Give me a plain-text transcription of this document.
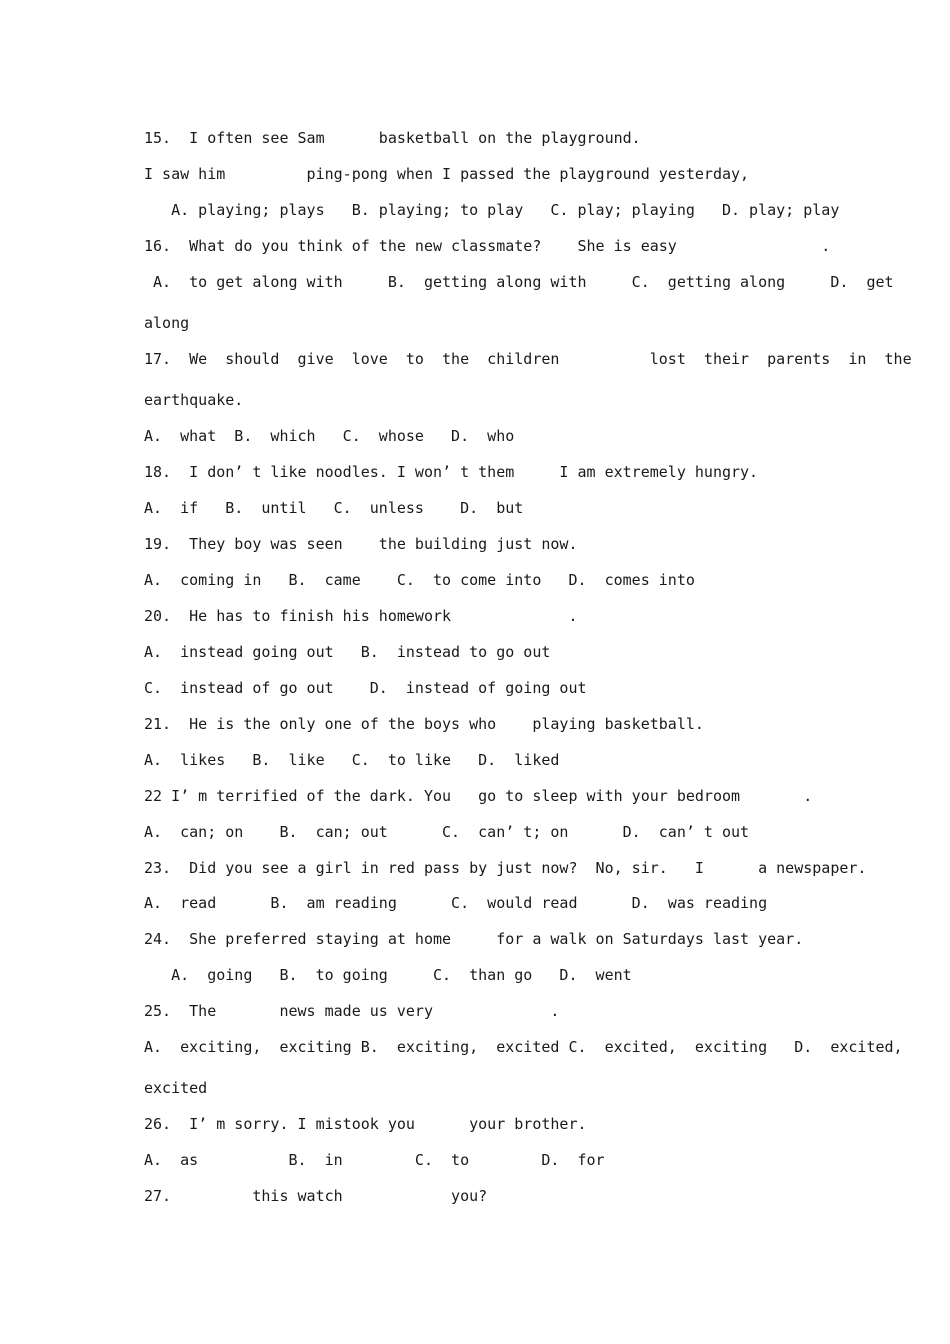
15.  I often see Sam      basketball on the playground.
I saw him         ping-pong when I passed the playground yesterday,
A. playing; plays   B. playing; to play   C. play; playing   D. play; play
16.  What do you think of the new classmate?    She is easy                .
A.  to get along with     B.  getting along with     C.  getting along     D.  get
along
17.  We  should  give  love  to  the  children          lost  their  parents  in  the
earthquake.
A.  what  B.  which   C.  whose   D.  who
18.  I don’ t like noodles. I won’ t them     I am extremely hungry.
A.  if   B.  until   C.  unless    D.  but
19.  They boy was seen    the building just now.
A.  coming in   B.  came    C.  to come into   D.  comes into
20.  He has to finish his homework             .
A.  instead going out   B.  instead to go out
C.  instead of go out    D.  instead of going out
21.  He is the only one of the boys who    playing basketball.
A.  likes   B.  like   C.  to like   D.  liked
22 I’ m terrified of the dark. You   go to sleep with your bedroom       .
A.  can; on    B.  can; out      C.  can’ t; on      D.  can’ t out
23.  Did you see a girl in red pass by just now?  No, sir.   I      a newspaper.
A.  read      B.  am reading      C.  would read      D.  was reading
24.  She preferred staying at home     for a walk on Saturdays last year.
A.  going   B.  to going     C.  than go   D.  went
25.  The       news made us very             .
A.  exciting,  exciting B.  exciting,  excited C.  excited,  exciting   D.  excited,
excited
26.  I’ m sorry. I mistook you      your brother.
A.  as          B.  in        C.  to        D.  for
27.         this watch            you?
